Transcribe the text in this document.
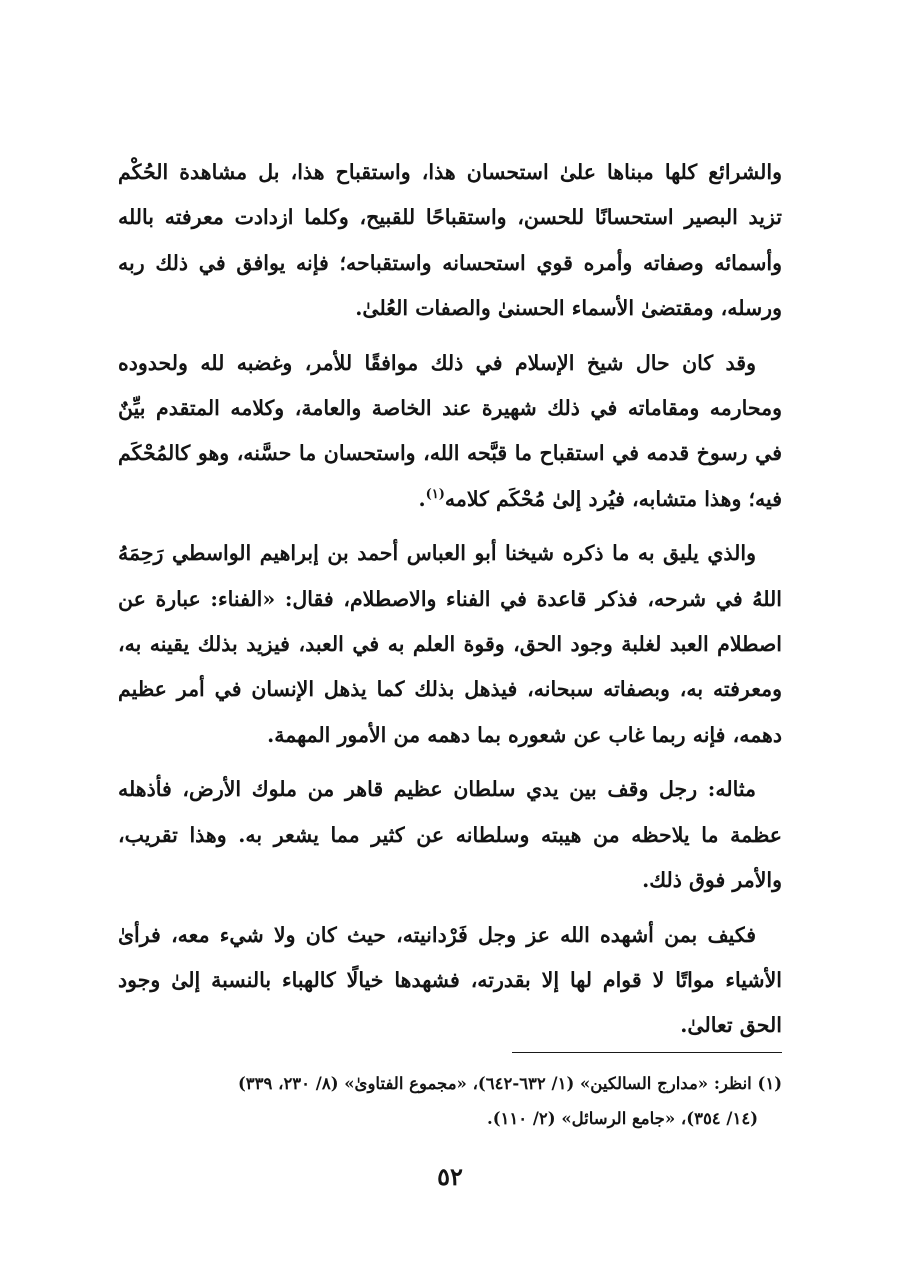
والشرائع كلها مبناها علىٰ استحسان هذا، واستقباح هذا، بل مشاهدة الحُكْم تزيد البصير استحسانًا للحسن، واستقباحًا للقبيح، وكلما ازدادت معرفته بالله وأسمائه وصفاته وأمره قوي استحسانه واستقباحه؛ فإنه يوافق في ذلك ربه ورسله، ومقتضىٰ الأسماء الحسنىٰ والصفات العُلىٰ.

وقد كان حال شيخ الإسلام في ذلك موافقًا للأمر، وغضبه لله ولحدوده ومحارمه ومقاماته في ذلك شهيرة عند الخاصة والعامة، وكلامه المتقدم بيِّنٌ في رسوخ قدمه في استقباح ما قبَّحه الله، واستحسان ما حسَّنه، وهو كالمُحْكَم فيه؛ وهذا متشابه، فيُرد إلىٰ مُحْكَم كلامه$^{(١)}$.

والذي يليق به ما ذكره شيخنا أبو العباس أحمد بن إبراهيم الواسطي رَحِمَهُ اللهُ في شرحه، فذكر قاعدة في الفناء والاصطلام، فقال: «الفناء: عبارة عن اصطلام العبد لغلبة وجود الحق، وقوة العلم به في العبد، فيزيد بذلك يقينه به، ومعرفته به، وبصفاته سبحانه، فيذهل بذلك كما يذهل الإنسان في أمر عظيم دهمه، فإنه ربما غاب عن شعوره بما دهمه من الأمور المهمة.

مثاله: رجل وقف بين يدي سلطان عظيم قاهر من ملوك الأرض، فأذهله عظمة ما يلاحظه من هيبته وسلطانه عن كثير مما يشعر به. وهذا تقريب، والأمر فوق ذلك.

فكيف بمن أشهده الله عز وجل فَرْدانيته، حيث كان ولا شيء معه، فرأىٰ الأشياء مواتًا لا قوام لها إلا بقدرته، فشهدها خيالًا كالهباء بالنسبة إلىٰ وجود الحق تعالىٰ.

(١) انظر: «مدارج السالكين» (١/ ٦٣٢-٦٤٢)، «مجموع الفتاوىٰ» (٨/ ٢٣٠، ٣٣٩)
(١٤/ ٣٥٤)، «جامع الرسائل» (٢/ ١١٠).
٥٢
